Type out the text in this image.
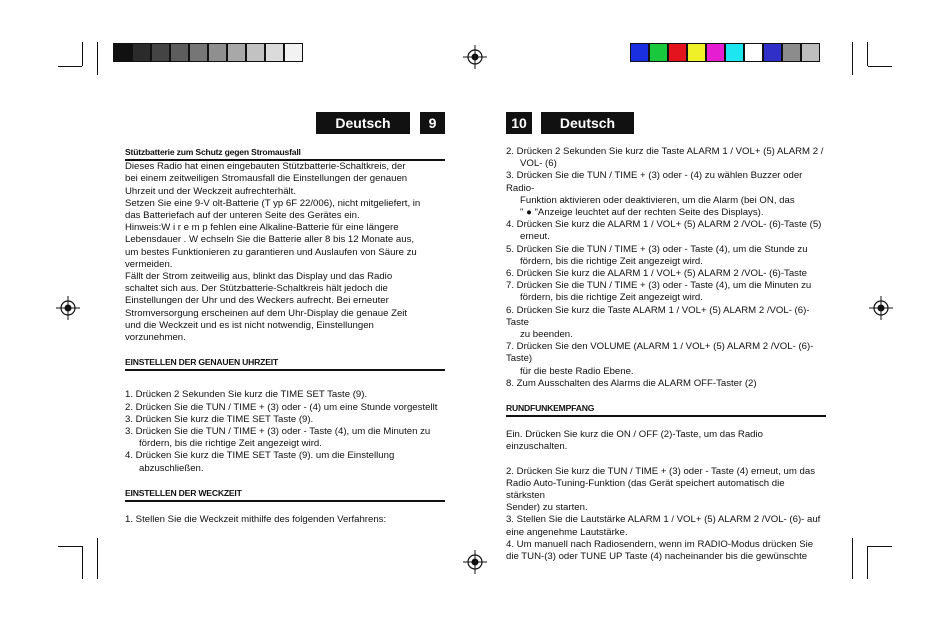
Deutsch	9	10	Deutsch

Stützbatterie zum Schutz gegen Stromausfall

Dieses Radio hat einen eingebauten Stützbatterie-Schaltkreis, der

bei einem zeitweiligen Stromausfall die Einstellungen der genauen

Uhrzeit und der Weckzeit aufrechterhält.

Setzen Sie eine 9-V olt-Batterie (T yp 6F 22/006), nicht mitgeliefert, in

das Batteriefach auf der unteren Seite des Gerätes ein.

Hinweis:W i r e m p fehlen eine Alkaline-Batterie für eine längere

Lebensdauer . W echseln Sie die Batterie aller 8 bis 12 Monate aus,

um bestes Funktionieren zu garantieren und Auslaufen von Säure zu

vermeiden.

Fällt der Strom zeitweilig aus, blinkt das Display und das Radio

schaltet sich aus. Der Stützbatterie-Schaltkreis hält jedoch die

Einstellungen der Uhr und des Weckers aufrecht. Bei erneuter

Stromversorgung erscheinen auf dem Uhr-Display die genaue Zeit

und die Weckzeit und es ist nicht notwendig, Einstellungen

vorzunehmen.

EINSTELLEN DER GENAUEN UHRZEIT

1. Drücken 2 Sekunden Sie kurz die TIME SET Taste (9).

2. Drücken Sie die TUN / TIME + (3) oder - (4) um eine Stunde vorgestellt

3. Drücken Sie kurz die TIME SET Taste (9).

3. Drücken Sie die TUN / TIME + (3) oder - Taste (4), um die Minuten zu

fördern, bis die richtige Zeit angezeigt wird.

4. Drücken Sie kurz die TIME SET Taste (9). um die Einstellung

abzuschließen.

EINSTELLEN DER WECKZEIT

1. Stellen Sie die Weckzeit mithilfe des folgenden Verfahrens:

2. Drücken 2 Sekunden Sie kurz die Taste ALARM 1 / VOL+ (5) ALARM 2 /

VOL- (6)

3. Drücken Sie die TUN / TIME + (3) oder - (4) zu wählen Buzzer oder Radio-

Funktion aktivieren oder deaktivieren, um die Alarm (bei ON, das

" ● "Anzeige leuchtet auf der rechten Seite des Displays).

4. Drücken Sie kurz die ALARM 1 / VOL+ (5) ALARM 2 /VOL- (6)-Taste (5)

erneut.

5. Drücken Sie die TUN / TIME + (3) oder - Taste (4), um die Stunde zu

fördern, bis die richtige Zeit angezeigt wird.

6. Drücken Sie kurz die ALARM 1 / VOL+ (5) ALARM 2 /VOL- (6)-Taste

7. Drücken Sie die TUN / TIME + (3) oder - Taste (4), um die Minuten zu

fördern, bis die richtige Zeit angezeigt wird.

6. Drücken Sie kurz die Taste ALARM 1 / VOL+ (5) ALARM 2 /VOL- (6)-Taste

zu beenden.

7. Drücken Sie den VOLUME (ALARM 1 / VOL+ (5) ALARM 2 /VOL- (6)-Taste)

für die beste Radio Ebene.

8. Zum Ausschalten des Alarms die ALARM OFF-Taster (2)

RUNDFUNKEMPFANG

Ein. Drücken Sie kurz die ON / OFF (2)-Taste, um das Radio einzuschalten.

2. Drücken Sie kurz die TUN / TIME + (3) oder - Taste (4) erneut, um das

Radio Auto-Tuning-Funktion (das Gerät speichert automatisch die stärksten

Sender) zu starten.

3. Stellen Sie die Lautstärke ALARM 1 / VOL+ (5) ALARM 2 /VOL- (6)- auf

eine angenehme Lautstärke.

4. Um manuell nach Radiosendern, wenn im RADIO-Modus drücken Sie

die TUN-(3) oder TUNE UP Taste (4) nacheinander bis die gewünschte
